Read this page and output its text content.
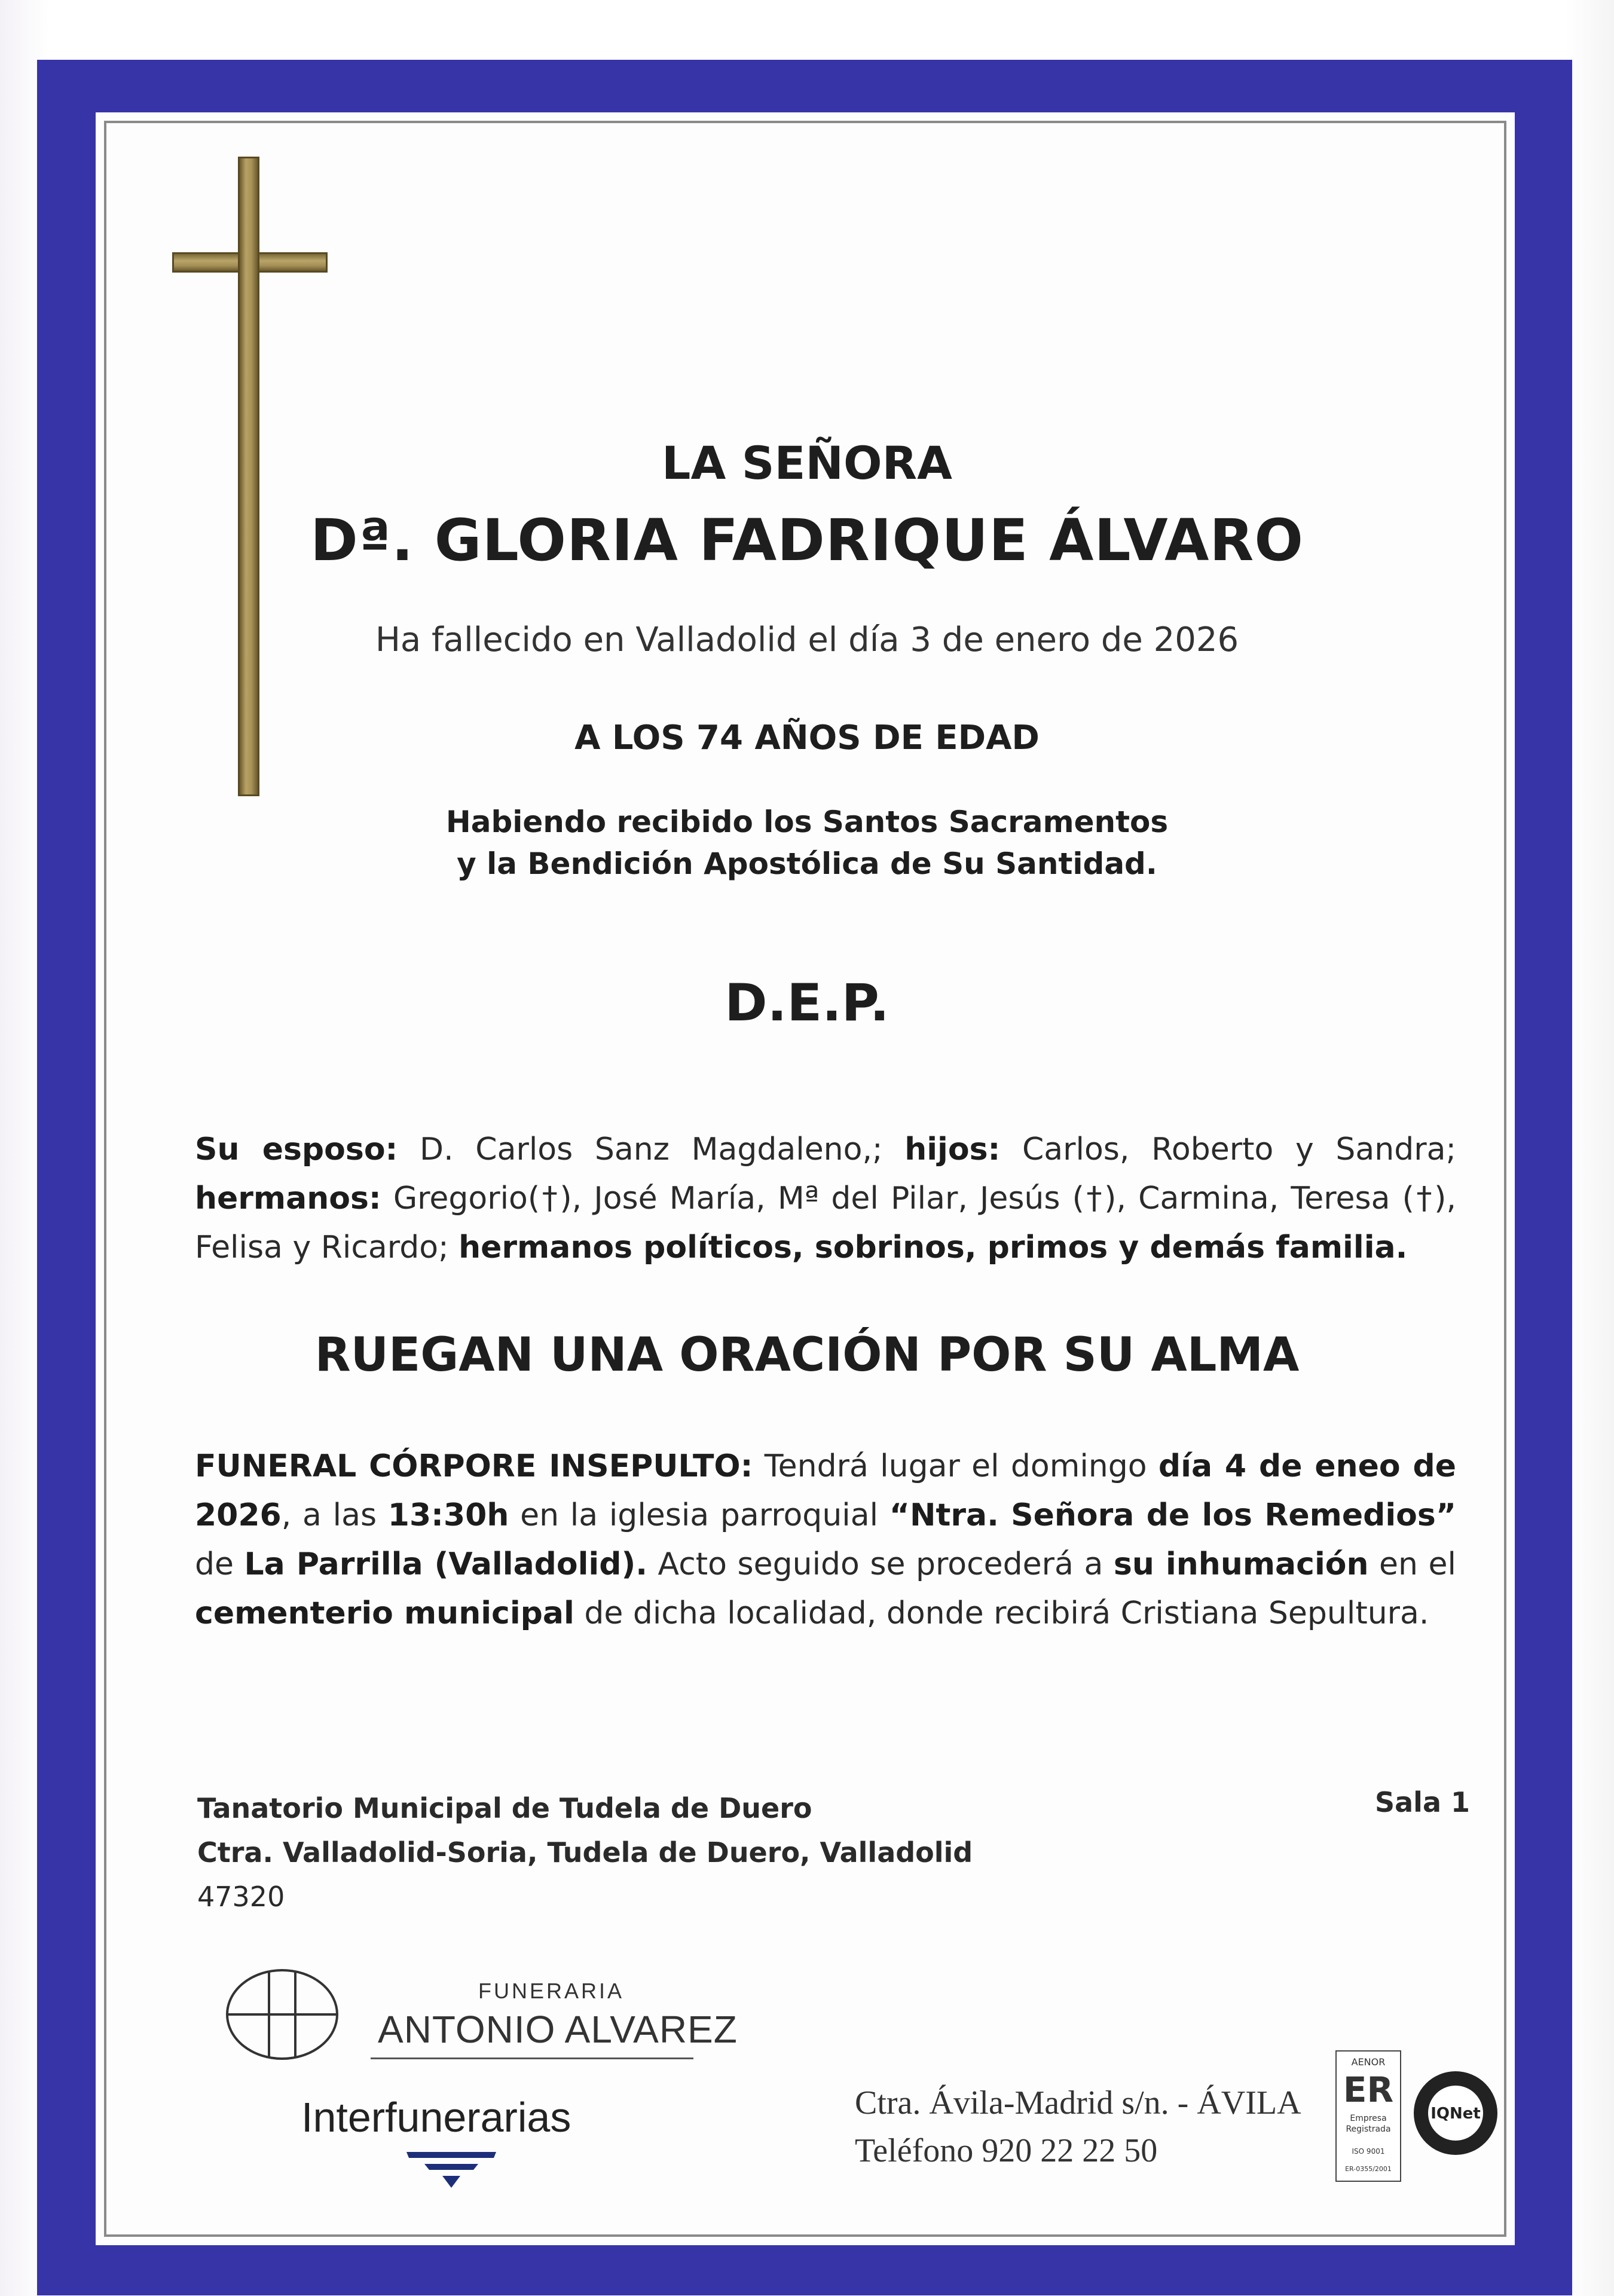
LA SEÑORA
Dª. GLORIA FADRIQUE ÁLVARO
Ha fallecido en Valladolid el día 3 de enero de 2026
A LOS 74 AÑOS DE EDAD
Habiendo recibido los Santos Sacramentos
y la Bendición Apostólica de Su Santidad.
D.E.P.
Su esposo: D. Carlos Sanz Magdaleno,; hijos: Carlos, Roberto y Sandra; hermanos: Gregorio(†), José María, Mª del Pilar, Jesús (†), Carmina, Teresa (†), Felisa y Ricardo; hermanos políticos, sobrinos, primos y demás familia.
RUEGAN UNA ORACIÓN POR SU ALMA
FUNERAL CÓRPORE INSEPULTO: Tendrá lugar el domingo día 4 de eneo de 2026, a las 13:30h en la iglesia parroquial “Ntra. Señora de los Remedios” de La Parrilla (Valladolid). Acto seguido se procederá a su inhumación en el cementerio municipal de dicha localidad, donde recibirá Cristiana Sepultura.
Tanatorio Municipal de Tudela de Duero
Ctra. Valladolid-Soria, Tudela de Duero, Valladolid
47320
Sala 1
FUNERARIA
ANTONIO ALVAREZ
Interfunerarias	Ctra. Ávila-Madrid s/n. - ÁVILA
Teléfono 920 22 22 50
AENOR
ER
Empresa
Registrada
ISO 9001
ER-0355/2001
IQNet
